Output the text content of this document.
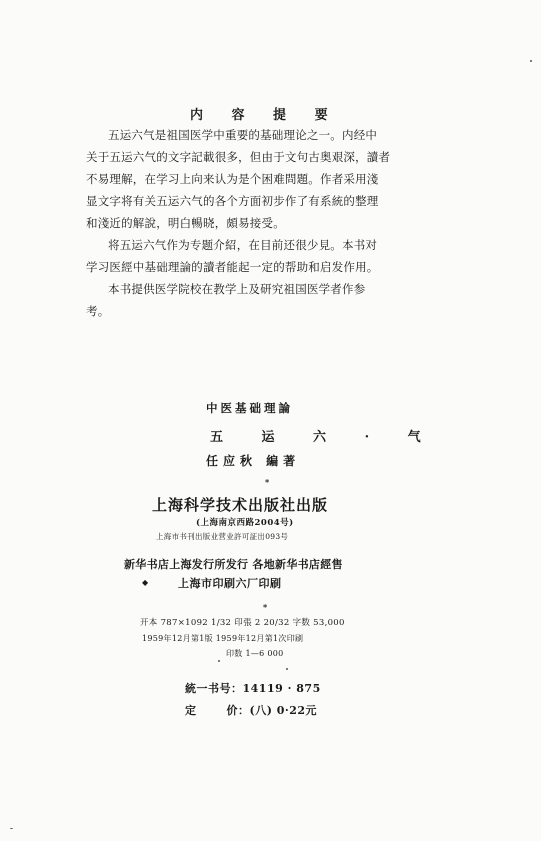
内 容 提 要
五运六气是祖国医学中重要的基础理论之一。内经中
关于五运六气的文字記載很多，但由于文句古奥艰深，讀者
不易理解，在学习上向来认为是个困难問題。作者采用淺
显文字将有关五运六气的各个方面初步作了有系統的整理
和淺近的解說，明白暢晓，頗易接受。
将五运六气作为专题介紹，在目前还很少見。本书对
学习医經中基础理論的讀者能起一定的帮助和启发作用。
本书提供医学院校在教学上及研究祖国医学者作参
考。
中医基础理論
五 运 六 · 气
任应秋 編著
*
上海科学技术出版社出版
(上海南京西路2004号)
上海市书刊出版业营业許可証出093号
新华书店上海发行所发行 各地新华书店經售
◆	上海市印刷六厂印刷
*
开本 787×1092 1/32 印張 2 20/32 字数 53,000
1959年12月第1版 1959年12月第1次印刷
印数 1—6 000
統一书号：14119 · 875
定	价：(八) 0·22元
